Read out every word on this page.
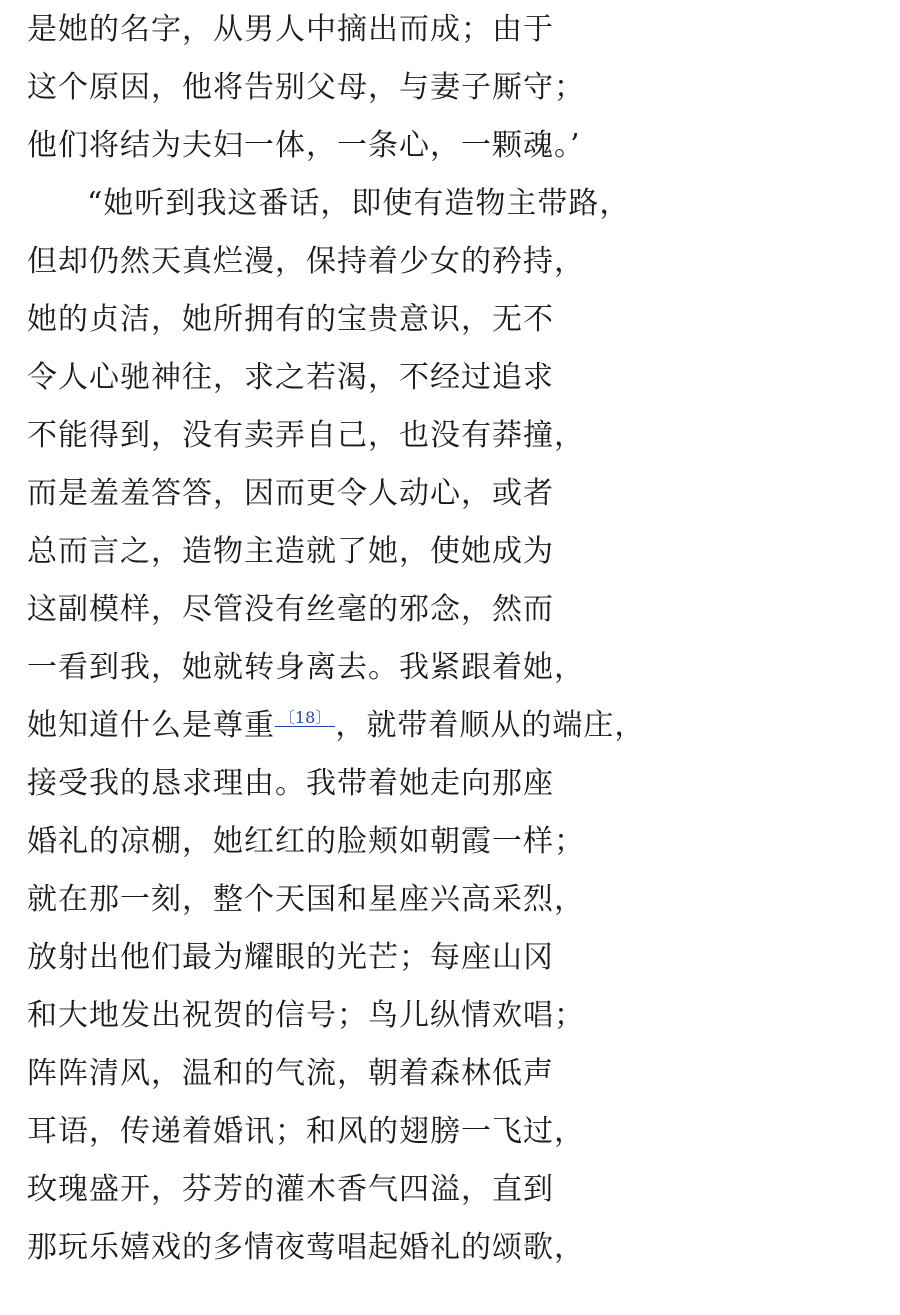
是她的名字，从男人中摘出而成；由于
这个原因，他将告别父母，与妻子厮守；
他们将结为夫妇一体，一条心，一颗魂。’
“她听到我这番话，即使有造物主带路，
但却仍然天真烂漫，保持着少女的矜持，
她的贞洁，她所拥有的宝贵意识，无不
令人心驰神往，求之若渴，不经过追求
不能得到，没有卖弄自己，也没有莽撞，
而是羞羞答答，因而更令人动心，或者
总而言之，造物主造就了她，使她成为
这副模样，尽管没有丝毫的邪念，然而
一看到我，她就转身离去。我紧跟着她，
她知道什么是尊重 〔18〕 ，就带着顺从的端庄，
接受我的恳求理由。我带着她走向那座
婚礼的凉棚，她红红的脸颊如朝霞一样；
就在那一刻，整个天国和星座兴高采烈，
放射出他们最为耀眼的光芒；每座山冈
和大地发出祝贺的信号；鸟儿纵情欢唱；
阵阵清风，温和的气流，朝着森林低声
耳语，传递着婚讯；和风的翅膀一飞过，
玫瑰盛开，芬芳的灌木香气四溢，直到
那玩乐嬉戏的多情夜莺唱起婚礼的颂歌，
